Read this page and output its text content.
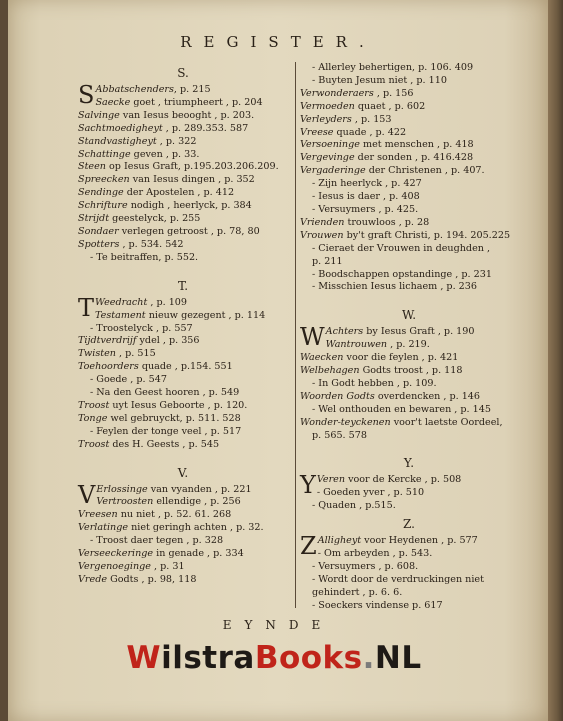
REGISTER.
S.
S Abbatschenders, p. 215
Saecke goet , triumpheert , p. 204
Salvinge van Iesus beooght , p. 203.
Sachtmoedigheyt , p. 289.353. 587
Standvastigheyt , p. 322
Schattinge geven , p. 33.
Steen op Iesus Graft, p.195.203.206.209.
Spreecken van Iesus dingen , p. 352
Sendinge der Apostelen , p. 412
Schrifture nodigh , heerlyck, p. 384
Strijdt geestelyck, p. 255
Sondaer verlegen getroost , p. 78, 80
Spotters , p. 534. 542
- Te beitraffen, p. 552.
T.
T Weedracht , p. 109
Testament nieuw gezegent , p. 114
- Troostelyck , p. 557
Tijdtverdrijf ydel , p. 356
Twisten , p. 515
Toehoorders quade , p.154. 551
- Goede , p. 547
- Na den Geest hooren , p. 549
Troost uyt Iesus Geboorte , p. 120.
Tonge wel gebruyckt, p. 511. 528
- Feylen der tonge veel , p. 517
Troost des H. Geests , p. 545
V.
V Erlossinge van vyanden , p. 221
Vertroosten ellendige , p. 256
Vreesen nu niet , p. 52. 61. 268
Verlatinge niet geringh achten , p. 32.
- Troost daer tegen , p. 328
Verseeckeringe in genade , p. 334
Vergenoeginge , p. 31
Vrede Godts , p. 98, 118
- Allerley behertigen, p. 106. 409
- Buyten Jesum niet , p. 110
Verwonderaers , p. 156
Vermoeden quaet , p. 602
Verleyders , p. 153
Vreese quade , p. 422
Versoeninge met menschen , p. 418
Vergevinge der sonden , p. 416.428
Vergaderinge der Christenen , p. 407.
- Zijn heerlyck , p. 427
- Iesus is daer , p. 408
- Versuymers , p. 425.
Vrienden trouwloos , p. 28
Vrouwen by't graft Christi, p. 194. 205.225
- Cieraet der Vrouwen in deughden ,
p. 211
- Boodschappen opstandinge , p. 231
- Misschien Iesus lichaem , p. 236
W.
W Achters by Iesus Graft , p. 190
Wantrouwen , p. 219.
Waecken voor die feylen , p. 421
Welbehagen Godts troost , p. 118
- In Godt hebben , p. 109.
Woorden Godts overdencken , p. 146
- Wel onthouden en bewaren , p. 145
Wonder-teyckenen voor't laetste Oordeel,
p. 565. 578
Y.
Y Veren voor de Kercke , p. 508
- Goeden yver , p. 510
- Quaden , p.515.
Z.
Z Alligheyt voor Heydenen , p. 577
- Om arbeyden , p. 543.
- Versuymers , p. 608.
- Wordt door de verdruckingen niet
gehindert , p. 6. 6.
- Soeckers vindense p. 617
EYNDE
WilstraBooks.NL
